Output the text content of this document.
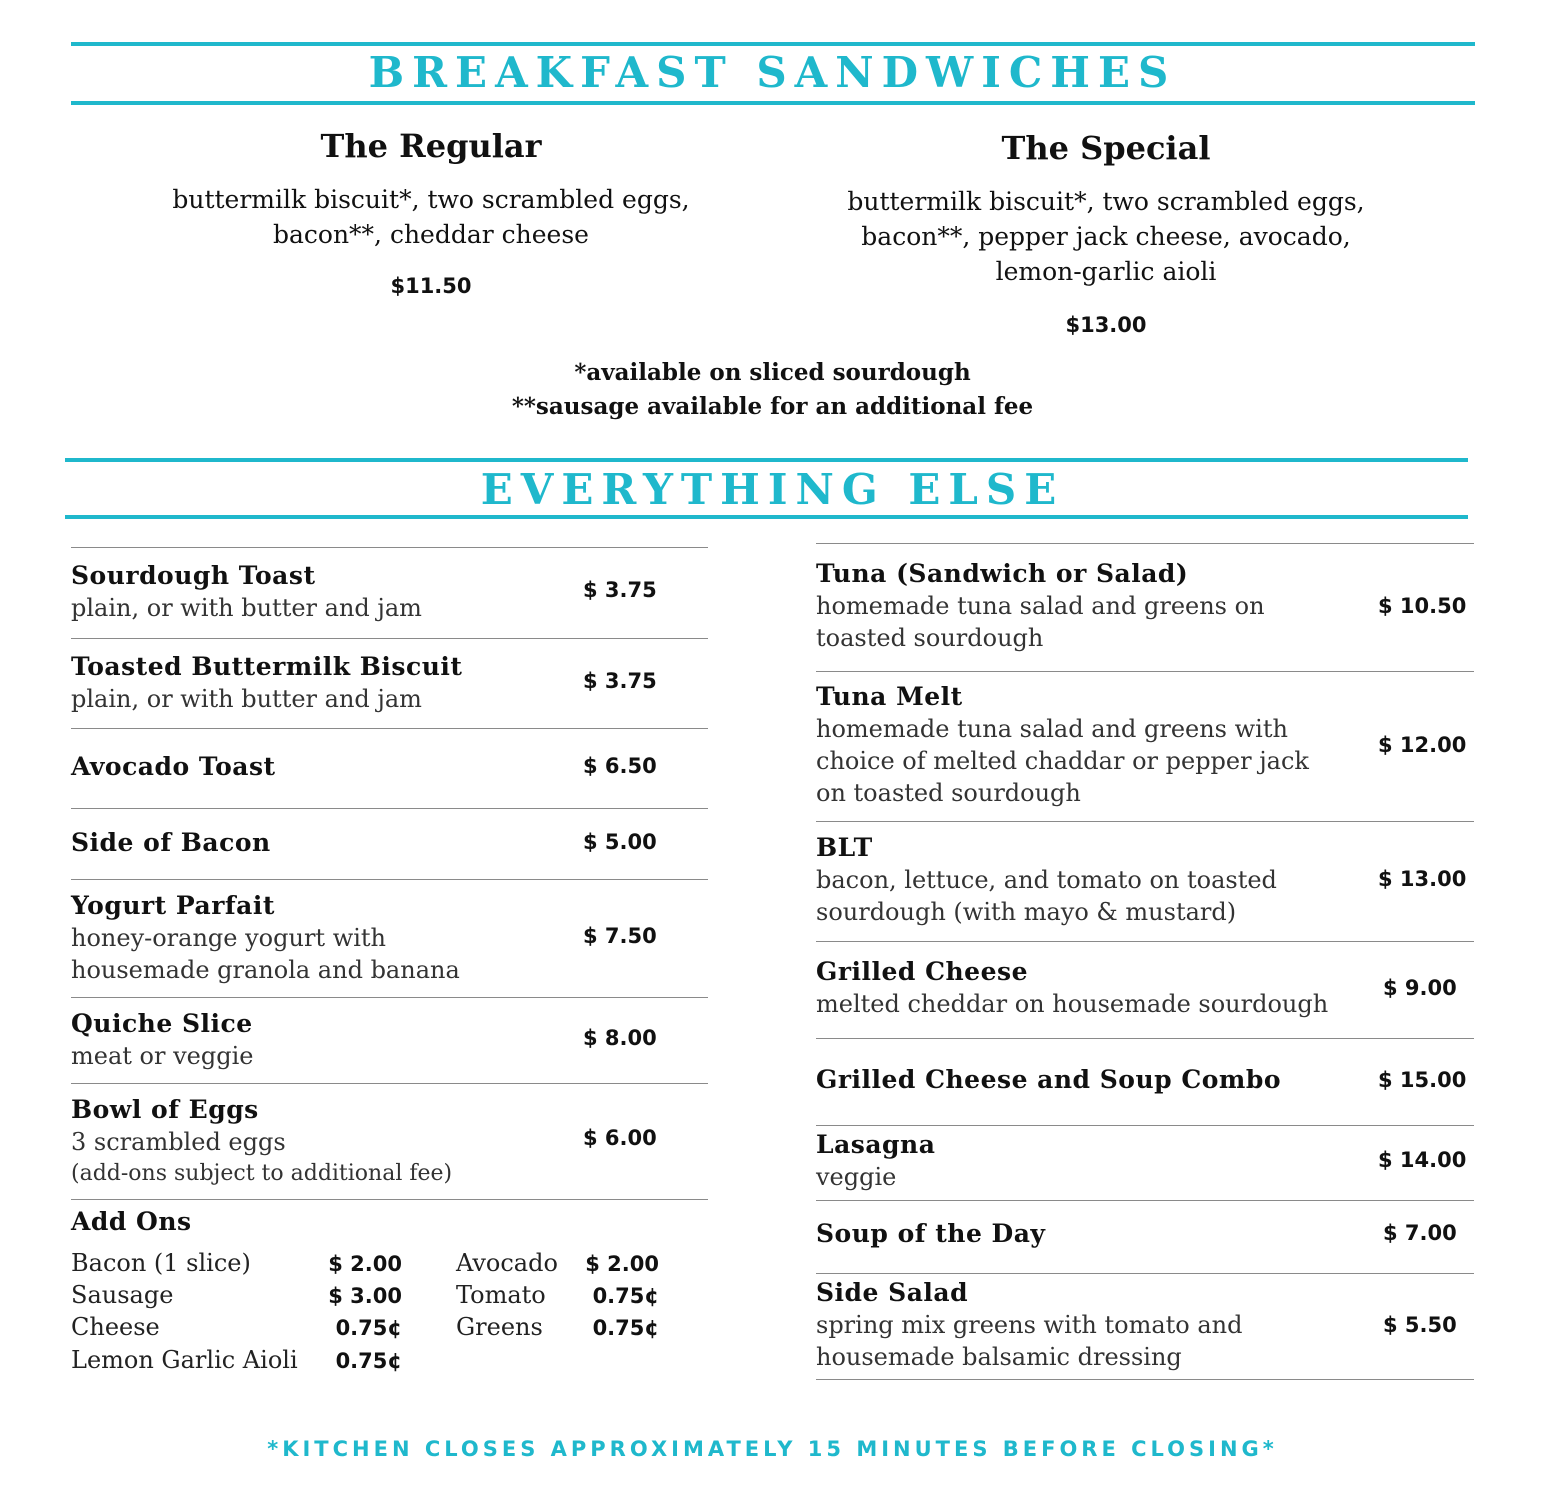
BREAKFAST SANDWICHES
The Regular
buttermilk biscuit*, two scrambled eggs,
bacon**, cheddar cheese
$11.50
The Special
buttermilk biscuit*, two scrambled eggs,
bacon**, pepper jack cheese, avocado,
lemon-garlic aioli
$13.00
*available on sliced sourdough
**sausage available for an additional fee
EVERYTHING ELSE
Sourdough Toast
plain, or with butter and jam
$ 3.75
Toasted Buttermilk Biscuit
plain, or with butter and jam
$ 3.75
Avocado Toast	$ 6.50
Side of Bacon	$ 5.00
Yogurt Parfait
honey-orange yogurt with
housemade granola and banana
$ 7.50
Quiche Slice
meat or veggie
$ 8.00
Bowl of Eggs
3 scrambled eggs
(add-ons subject to additional fee)
$ 6.00
Add Ons
Bacon (1 slice)	$ 2.00
Sausage	$ 3.00
Cheese	0.75¢
Lemon Garlic Aioli	0.75¢
Avocado	$ 2.00
Tomato	0.75¢
Greens	0.75¢
Tuna (Sandwich or Salad)
homemade tuna salad and greens on
toasted sourdough
$ 10.50
Tuna Melt
homemade tuna salad and greens with
choice of melted chaddar or pepper jack
on toasted sourdough
$ 12.00
BLT
bacon, lettuce, and tomato on toasted
sourdough (with mayo & mustard)
$ 13.00
Grilled Cheese
melted cheddar on housemade sourdough
$ 9.00
Grilled Cheese and Soup Combo	$ 15.00
Lasagna
veggie
$ 14.00
Soup of the Day	$ 7.00
Side Salad
spring mix greens with tomato and
housemade balsamic dressing
$ 5.50
*KITCHEN CLOSES APPROXIMATELY 15 MINUTES BEFORE CLOSING*
